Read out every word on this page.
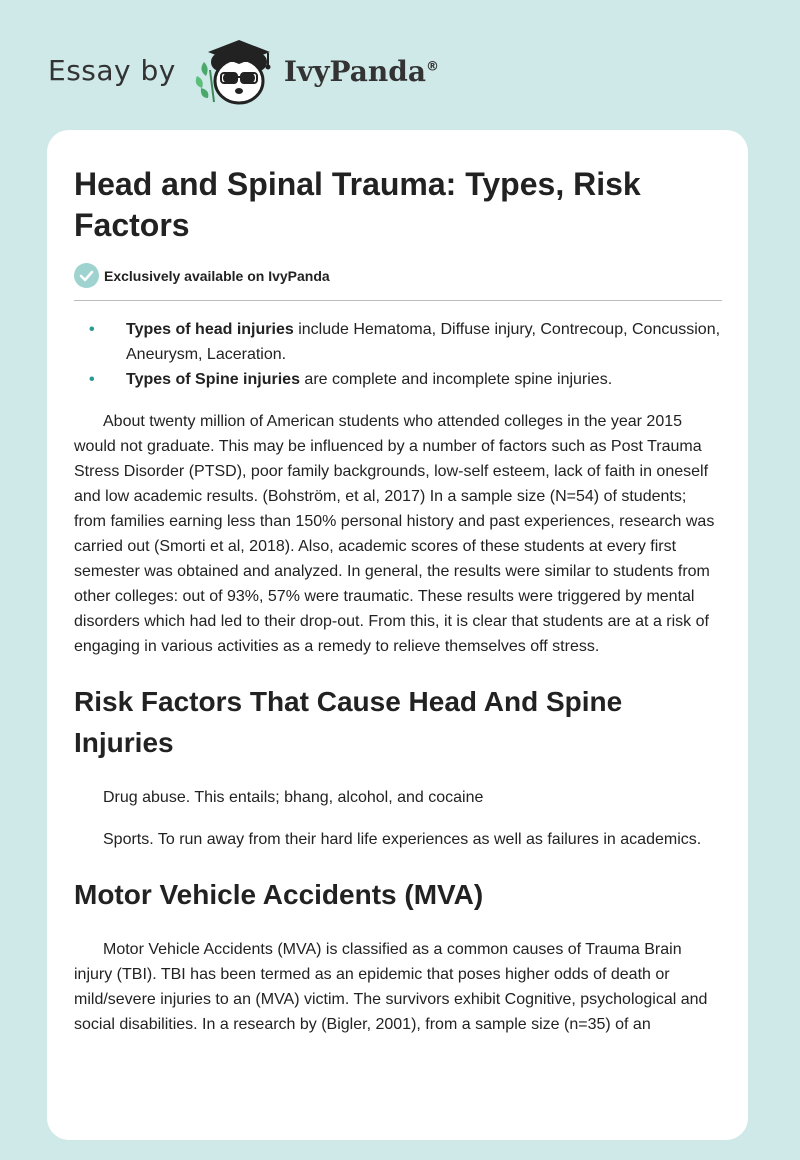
Essay by	IvyPanda®
Head and Spinal Trauma: Types, Risk Factors
Exclusively available on IvyPanda
• Types of head injuries include Hematoma, Diffuse injury, Contrecoup, Concussion, Aneurysm, Laceration.
• Types of Spine injuries are complete and incomplete spine injuries.

About twenty million of American students who attended colleges in the year 2015 would not graduate. This may be influenced by a number of factors such as Post Trauma Stress Disorder (PTSD), poor family backgrounds, low-self esteem, lack of faith in oneself and low academic results. (Bohström, et al, 2017) In a sample size (N=54) of students; from families earning less than 150% personal history and past experiences, research was carried out (Smorti et al, 2018). Also, academic scores of these students at every first semester was obtained and analyzed. In general, the results were similar to students from other colleges: out of 93%, 57% were traumatic. These results were triggered by mental disorders which had led to their drop-out. From this, it is clear that students are at a risk of engaging in various activities as a remedy to relieve themselves off stress.

Risk Factors That Cause Head And Spine Injuries

Drug abuse. This entails; bhang, alcohol, and cocaine

Sports. To run away from their hard life experiences as well as failures in academics.

Motor Vehicle Accidents (MVA)

Motor Vehicle Accidents (MVA) is classified as a common causes of Trauma Brain injury (TBI). TBI has been termed as an epidemic that poses higher odds of death or mild/severe injuries to an (MVA) victim. The survivors exhibit Cognitive, psychological and social disabilities. In a research by (Bigler, 2001), from a sample size (n=35) of an
